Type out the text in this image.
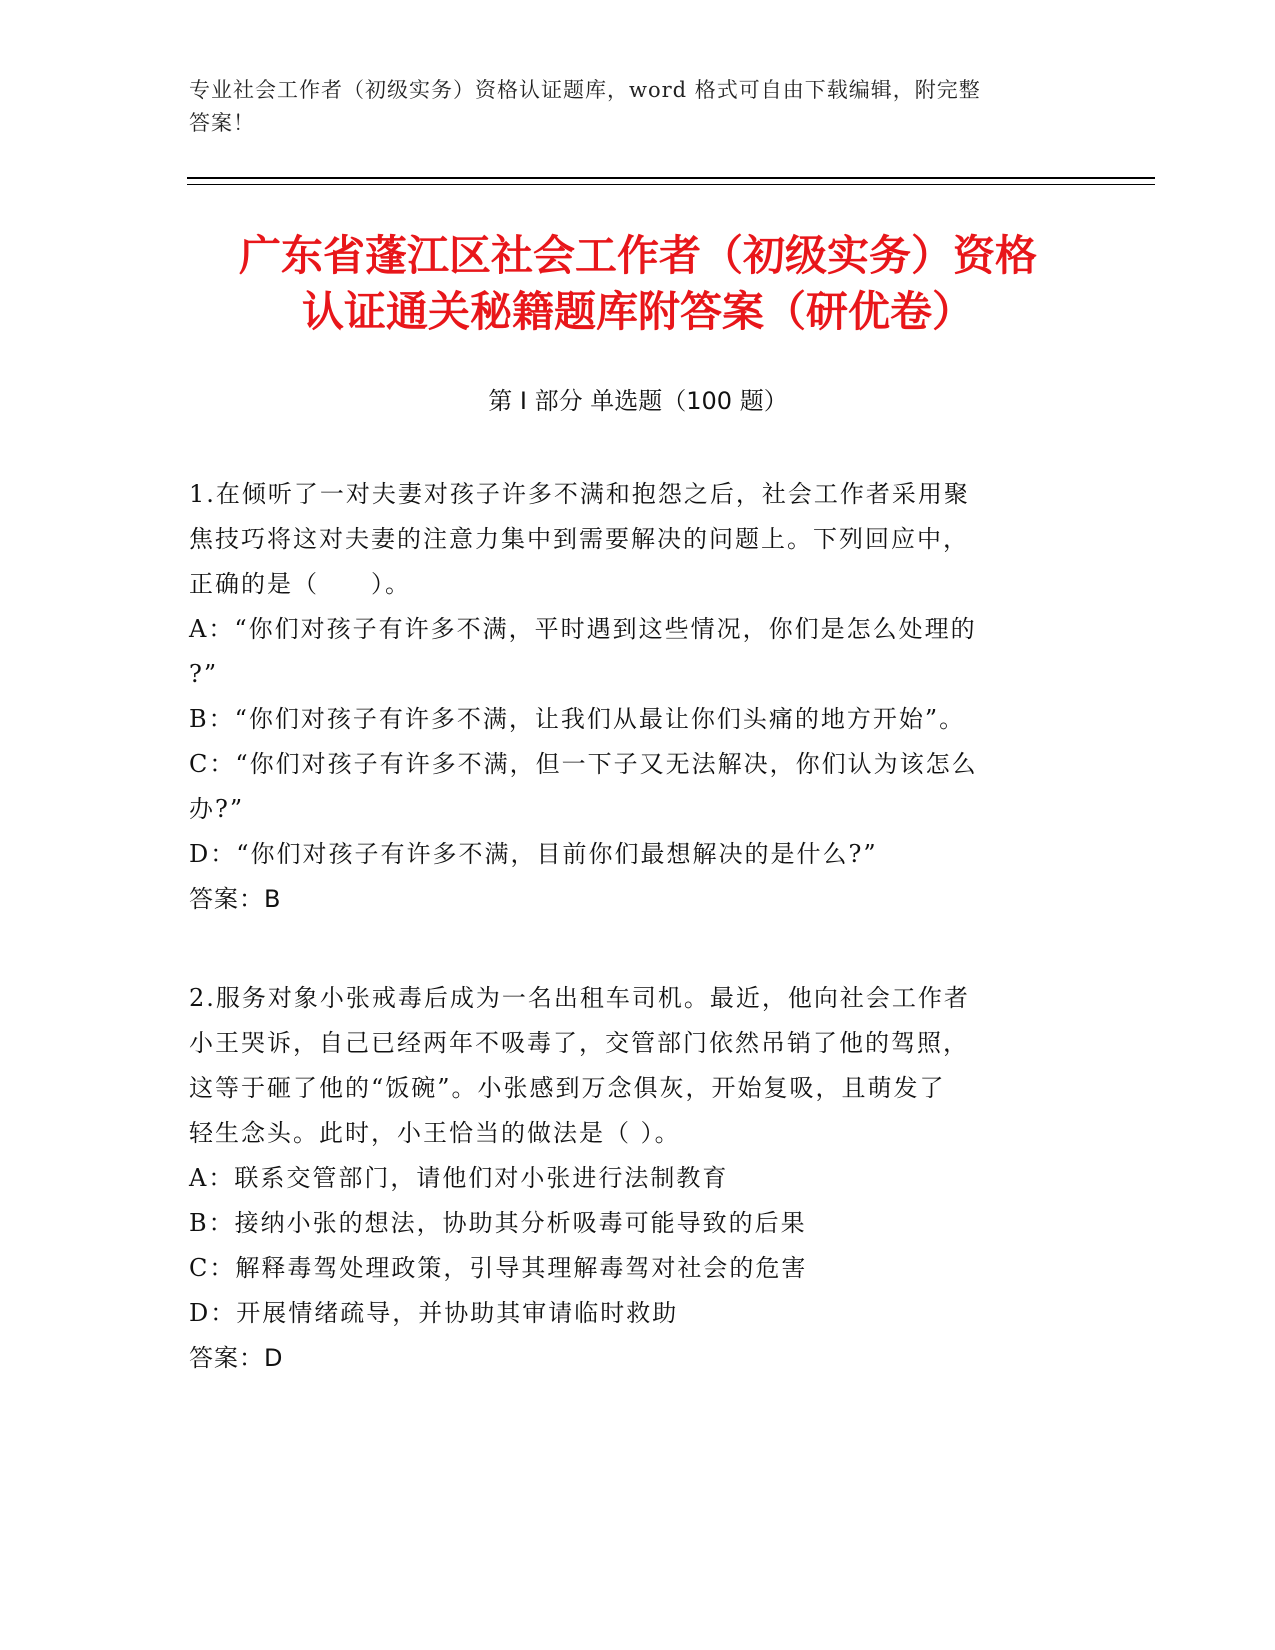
专业社会工作者（初级实务）资格认证题库，word 格式可自由下载编辑，附完整
答案！
广东省蓬江区社会工作者（初级实务）资格
认证通关秘籍题库附答案（研优卷）
第 I 部分 单选题（100 题）
1.在倾听了一对夫妻对孩子许多不满和抱怨之后，社会工作者采用聚
焦技巧将这对夫妻的注意力集中到需要解决的问题上。下列回应中，
正确的是（　　）。
A：“你们对孩子有许多不满，平时遇到这些情况，你们是怎么处理的
?”
B：“你们对孩子有许多不满，让我们从最让你们头痛的地方开始”。
C：“你们对孩子有许多不满，但一下子又无法解决，你们认为该怎么
办?”
D：“你们对孩子有许多不满，目前你们最想解决的是什么?”
答案：B
2.服务对象小张戒毒后成为一名出租车司机。最近，他向社会工作者
小王哭诉，自己已经两年不吸毒了，交管部门依然吊销了他的驾照，
这等于砸了他的“饭碗”。小张感到万念俱灰，开始复吸，且萌发了
轻生念头。此时，小王恰当的做法是（ ）。
A：联系交管部门，请他们对小张进行法制教育
B：接纳小张的想法，协助其分析吸毒可能导致的后果
C：解释毒驾处理政策，引导其理解毒驾对社会的危害
D：开展情绪疏导，并协助其审请临时救助
答案：D
